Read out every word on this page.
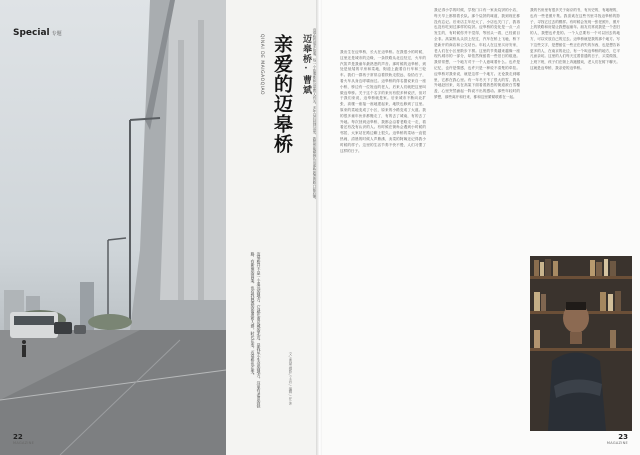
Special 专题	QINAI DE MAIGAOQIAO 亲爱的迈皋桥 迈皋桥·曹斌
迈皋桥并不是一个遥远的地方，它就在南京城的北边，是我从小生活的地方。这里有老旧的铁路，有新建的高架，也有我熟悉的街道和人群。时代在变，迈皋桥也在变。
文 / 曹斌 摄影 / 王岩 / 编辑 / 任 沐
迈皋桥有很多故事，每一个故事都和这里的人有关。多年以后回到这里，我依然能够辨认出那些熟悉的路口和店铺。
22
MAGAZINE
我出生在迈皋桥，长大在迈皋桥。在我很小的时候，这里还是城市的边缘，一条铁路从北边经过，火车的汽笛声是我童年最熟悉的声音。那时候的迈皋桥，到处是低矮的平房和菜地，街道上跑着自行车和三轮车。我们一群孩子常常沿着铁轨走很远，捡拾石子，看火车从身边呼啸而过。迈皋桥的得名据说来自一座小桥，桥边有一位姓迈的老人，后来人们就把这里叫做迈皋桥。关于这个名字的来历有很多种说法，但对于我们来说，迈皋桥就是家。后来城市不断向北扩张，高楼一座接一座地建起来，地铁也修到了这里。原来的菜地变成了小区，原来的小路变成了大道。我的很多童年伙伴都搬走了，有的去了城南，有的去了外地。每次回到迈皋桥，我都会沿着老路走一走，看看还有没有认识的人。有时候在街角会遇到小时候的邻居，大家站在路边聊上很久。迈皋桥的菜场一直很热闹，清晨的时候人声鼎沸，卖菜的阿姨还记得我小时候的样子。这里的生活节奏不快不慢，人们习惯了这样的日子。
我记得小学的时候，学校门口有一家卖烧饼的小店，每天早上都排着长队。那个烧饼的味道，我到现在都没有忘记。后来店主年纪大了，小店也关门了，我再也没有吃到过那样的烧饼。迈皋桥的变化是一点一点发生的，有时候你并不觉得，等回头一看，已经面目全非。高架桥从头顶上经过，汽车在桥上飞驰，桥下是新开的商店和公交站台。年轻人在这里买房安家，老人们在小区里散步下棋。这里的节奏越来越像一座现代城市的一部分，却依然保留着一些旧日的痕迹。我常常想，一个地方对于一个人意味着什么。也许是记忆，也许是情感，也许只是一种说不清楚的牵挂。迈皋桥对我来说，就是这样一个地方。无论我走到哪里，它都在我心里。有一年冬天下了很大的雪，我从外地赶回来，站在高架下面看着熟悉的街道被白雪覆盖，心里突然涌起一阵说不出的感动。那些年轻时的梦想，那些离开和归来，都和这里紧紧联系在一起。
我的书房里有很多关于南京的书，有历史的，有地理的，也有一些老照片集。我喜欢在这些书里寻找迈皋桥的影子，寻找它过去的模样。有时候会发现一张老照片，照片上的铁路和房屋让我想起童年。朋友们常说我是一个恋旧的人，我想也许是的。一个人总要有一个可以回去的地方，可以安放自己的过去。迈皋桥就是我的那个地方。写下这些文字，是想留住一些正在消失的东西，也是想告诉更多的人，在南京的北边，有一个叫迈皋桥的地方，它平凡而亲切。这里的人们每天过着普通的日子，买菜做饭，上班下班，孩子们在街上奔跑嬉戏，老人们在树下聊天。这就是迈皋桥，我亲爱的迈皋桥。
23
MAGAZINE
